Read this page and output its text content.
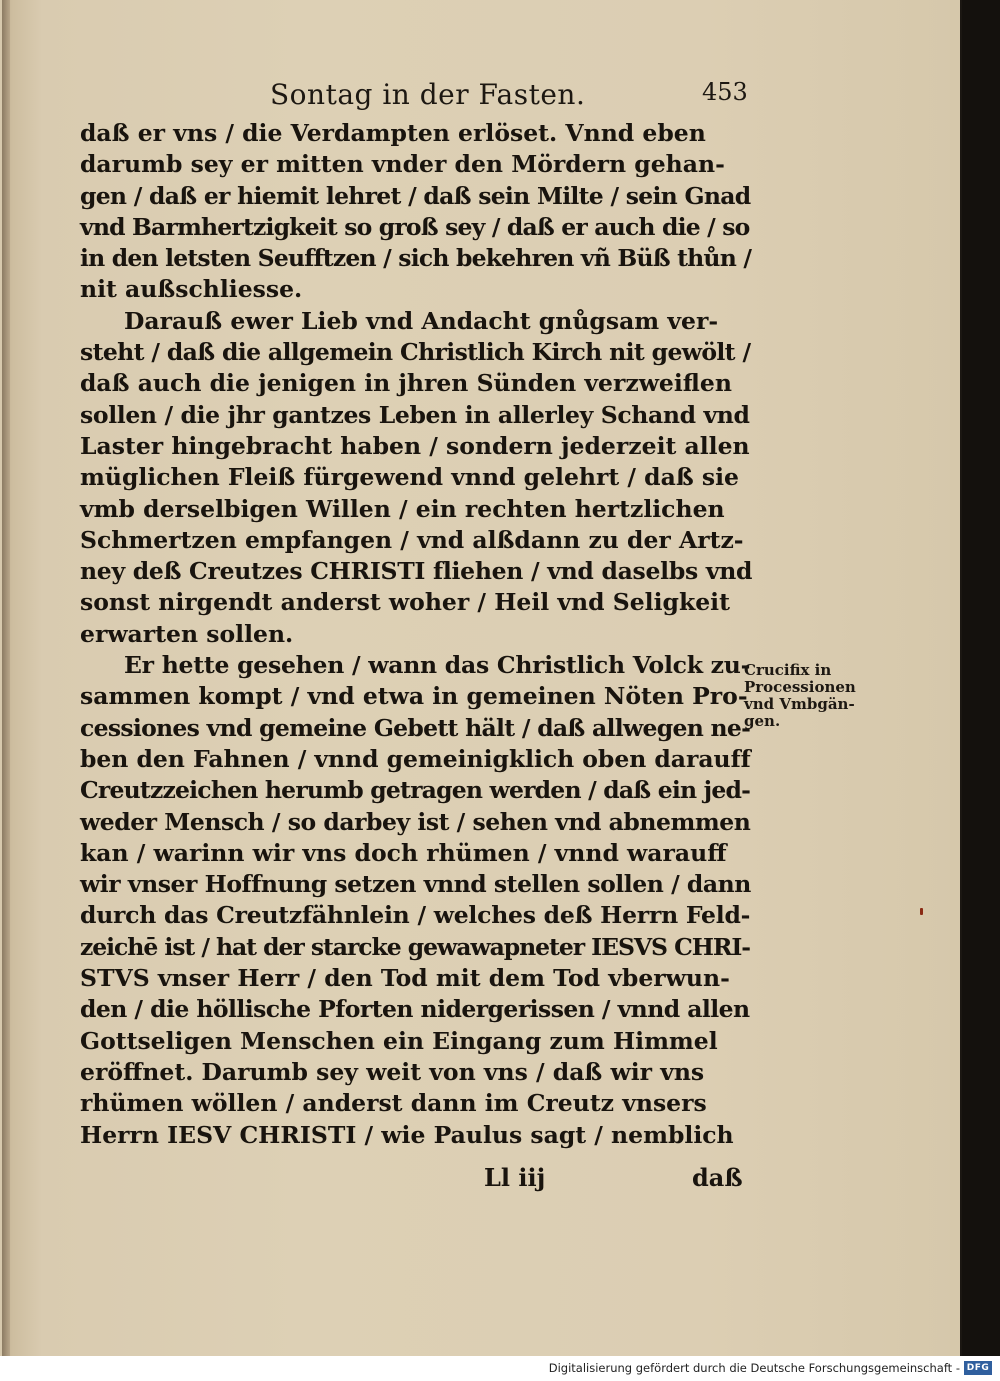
Sontag in der Fasten.	453
daß er vns / die Verdampten erlöset. Vnnd eben
darumb sey er mitten vnder den Mördern gehan-
gen / daß er hiemit lehret / daß sein Milte / sein Gnad
vnd Barmhertzigkeit so groß sey / daß er auch die / so
in den letsten Seufftzen / sich bekehren vñ Büß thůn /
nit außschliesse.
Darauß ewer Lieb vnd Andacht gnůgsam ver-
steht / daß die allgemein Christlich Kirch nit gewölt /
daß auch die jenigen in jhren Sünden verzweiflen
sollen / die jhr gantzes Leben in allerley Schand vnd
Laster hingebracht haben / sondern jederzeit allen
müglichen Fleiß fürgewend vnnd gelehrt / daß sie
vmb derselbigen Willen / ein rechten hertzlichen
Schmertzen empfangen / vnd alßdann zu der Artz-
ney deß Creutzes CHRISTI fliehen / vnd daselbs vnd
sonst nirgendt anderst woher / Heil vnd Seligkeit
erwarten sollen.
Er hette gesehen / wann das Christlich Volck zu-
sammen kompt / vnd etwa in gemeinen Nöten Pro-
cessiones vnd gemeine Gebett hält / daß allwegen ne-
ben den Fahnen / vnnd gemeinigklich oben darauff
Creutzzeichen herumb getragen werden / daß ein jed-
weder Mensch / so darbey ist / sehen vnd abnemmen
kan / warinn wir vns doch rhümen / vnnd warauff
wir vnser Hoffnung setzen vnnd stellen sollen / dann
durch das Creutzfähnlein / welches deß Herrn Feld-
zeichē ist / hat der starcke gewawapneter IESVS CHRI-
STVS vnser Herr / den Tod mit dem Tod vberwun-
den / die höllische Pforten nidergerissen / vnnd allen
Gottseligen Menschen ein Eingang zum Himmel
eröffnet. Darumb sey weit von vns / daß wir vns
rhümen wöllen / anderst dann im Creutz vnsers
Herrn IESV CHRISTI / wie Paulus sagt / nemblich
Crucifix in
Processionen
vnd Vmbgän-
gen.
Ll iij	daß
Digitalisierung gefördert durch die Deutsche Forschungsgemeinschaft - DFG
